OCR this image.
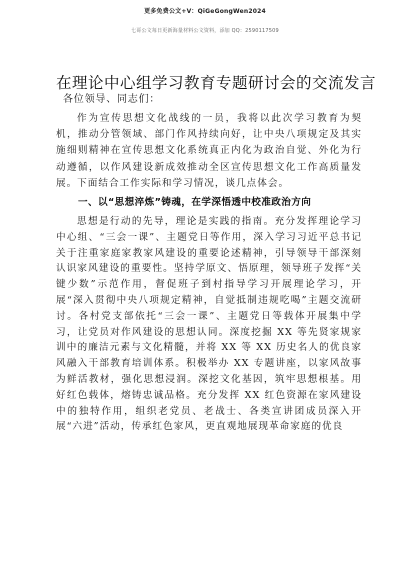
更多免费公文+V：QiGeGongWen2024
七哥公文每日更新海量材料公文资料，添加 QQ：2590117509
在理论中心组学习教育专题研讨会的交流发言

各位领导、同志们：

作为宣传思想文化战线的一员，我将以此次学习教育为契机，推动分管领域、部门作风持续向好，让中央八项规定及其实施细则精神在宣传思想文化系统真正内化为政治自觉、外化为行动遵循，以作风建设新成效推动全区宣传思想文化工作高质量发展。下面结合工作实际和学习情况，谈几点体会。

一、以“思想淬炼”铸魂，在学深悟透中校准政治方向

思想是行动的先导，理论是实践的指南。充分发挥理论学习中心组、“三会一课”、主题党日等作用，深入学习习近平总书记关于注重家庭家教家风建设的重要论述精神，引导领导干部深刻认识家风建设的重要性。坚持学原文、悟原理，领导班子发挥“关键少数”示范作用，督促班子到村指导学习开展理论学习，开展“深入贯彻中央八项规定精神，自觉抵制违规吃喝”主题交流研讨。各村党支部依托“三会一课”、主题党日等载体开展集中学习，让党员对作风建设的思想认同。深度挖掘 XX 等先贤家规家训中的廉洁元素与文化精髓，并将 XX 等 XX 历史名人的优良家风融入干部教育培训体系。积极举办 XX 专题讲座，以家风故事为鲜活教材，强化思想浸润。深挖文化基因，筑牢思想根基。用好红色载体，熔铸忠诚品格。充分发挥 XX 红色资源在家风建设中的独特作用，组织老党员、老战士、各类宣讲团成员深入开展“六进”活动，传承红色家风，更直观地展现革命家庭的优良
